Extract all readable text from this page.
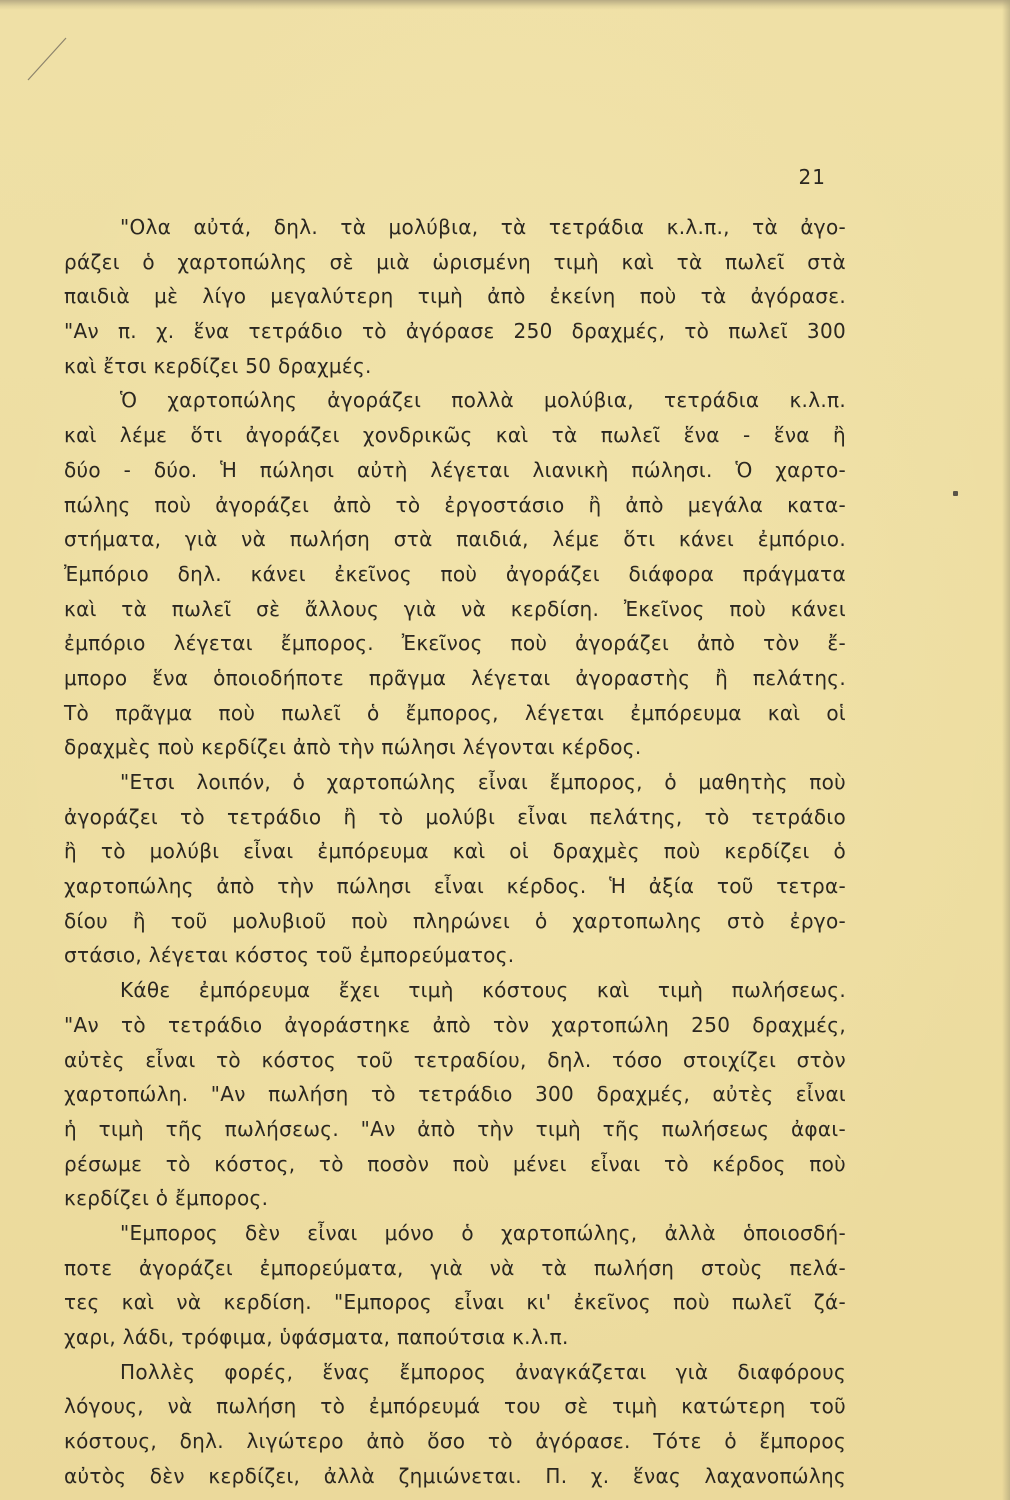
21
"Ολα αὐτά, δηλ. τὰ μολύβια, τὰ τετράδια κ.λ.π., τὰ ἀγο-
ράζει ὁ χαρτοπώλης σὲ μιὰ ὡρισμένη τιμὴ καὶ τὰ πωλεῖ στὰ
παιδιὰ μὲ λίγο μεγαλύτερη τιμὴ ἀπὸ ἐκείνη ποὺ τὰ ἀγόρασε.
"Αν π. χ. ἕνα τετράδιο τὸ ἀγόρασε 250 δραχμές, τὸ πωλεῖ 300
καὶ ἔτσι κερδίζει 50 δραχμές.
Ὁ χαρτοπώλης ἀγοράζει πολλὰ μολύβια, τετράδια κ.λ.π.
καὶ λέμε ὅτι ἀγοράζει χονδρικῶς καὶ τὰ πωλεῖ ἕνα - ἕνα ἢ
δύο - δύο. Ἡ πώλησι αὐτὴ λέγεται λιανικὴ πώλησι. Ὁ χαρτο-
πώλης ποὺ ἀγοράζει ἀπὸ τὸ ἐργοστάσιο ἢ ἀπὸ μεγάλα κατα-
στήματα, γιὰ νὰ πωλήση στὰ παιδιά, λέμε ὅτι κάνει ἐμπόριο.
Ἐμπόριο δηλ. κάνει ἐκεῖνος ποὺ ἀγοράζει διάφορα πράγματα
καὶ τὰ πωλεῖ σὲ ἄλλους γιὰ νὰ κερδίση. Ἐκεῖνος ποὺ κάνει
ἐμπόριο λέγεται ἔμπορος. Ἐκεῖνος ποὺ ἀγοράζει ἀπὸ τὸν ἔ-
μπορο ἕνα ὁποιοδήποτε πρᾶγμα λέγεται ἀγοραστὴς ἢ πελάτης.
Τὸ πρᾶγμα ποὺ πωλεῖ ὁ ἔμπορος, λέγεται ἐμπόρευμα καὶ οἱ
δραχμὲς ποὺ κερδίζει ἀπὸ τὴν πώλησι λέγονται κέρδος.
"Ετσι λοιπόν, ὁ χαρτοπώλης εἶναι ἔμπορος, ὁ μαθητὴς ποὺ
ἀγοράζει τὸ τετράδιο ἢ τὸ μολύβι εἶναι πελάτης, τὸ τετράδιο
ἢ τὸ μολύβι εἶναι ἐμπόρευμα καὶ οἱ δραχμὲς ποὺ κερδίζει ὁ
χαρτοπώλης ἀπὸ τὴν πώλησι εἶναι κέρδος. Ἡ ἀξία τοῦ τετρα-
δίου ἢ τοῦ μολυβιοῦ ποὺ πληρώνει ὁ χαρτοπωλης στὸ ἐργο-
στάσιο, λέγεται κόστος τοῦ ἐμπορεύματος.
Κάθε ἐμπόρευμα ἔχει τιμὴ κόστους καὶ τιμὴ πωλήσεως.
"Αν τὸ τετράδιο ἀγοράστηκε ἀπὸ τὸν χαρτοπώλη 250 δραχμές,
αὐτὲς εἶναι τὸ κόστος τοῦ τετραδίου, δηλ. τόσο στοιχίζει στὸν
χαρτοπώλη. "Αν πωλήση τὸ τετράδιο 300 δραχμές, αὐτὲς εἶναι
ἡ τιμὴ τῆς πωλήσεως. "Αν ἀπὸ τὴν τιμὴ τῆς πωλήσεως ἀφαι-
ρέσωμε τὸ κόστος, τὸ ποσὸν ποὺ μένει εἶναι τὸ κέρδος ποὺ
κερδίζει ὁ ἔμπορος.
"Εμπορος δὲν εἶναι μόνο ὁ χαρτοπώλης, ἀλλὰ ὁποιοσδή-
ποτε ἀγοράζει ἐμπορεύματα, γιὰ νὰ τὰ πωλήση στοὺς πελά-
τες καὶ νὰ κερδίση. "Εμπορος εἶναι κι' ἐκεῖνος ποὺ πωλεῖ ζά-
χαρι, λάδι, τρόφιμα, ὑφάσματα, παπούτσια κ.λ.π.
Πολλὲς φορές, ἕνας ἔμπορος ἀναγκάζεται γιὰ διαφόρους
λόγους, νὰ πωλήση τὸ ἐμπόρευμά του σὲ τιμὴ κατώτερη τοῦ
κόστους, δηλ. λιγώτερο ἀπὸ ὅσο τὸ ἀγόρασε. Τότε ὁ ἔμπορος
αὐτὸς δὲν κερδίζει, ἀλλὰ ζημιώνεται. Π. χ. ἕνας λαχανοπώλης
